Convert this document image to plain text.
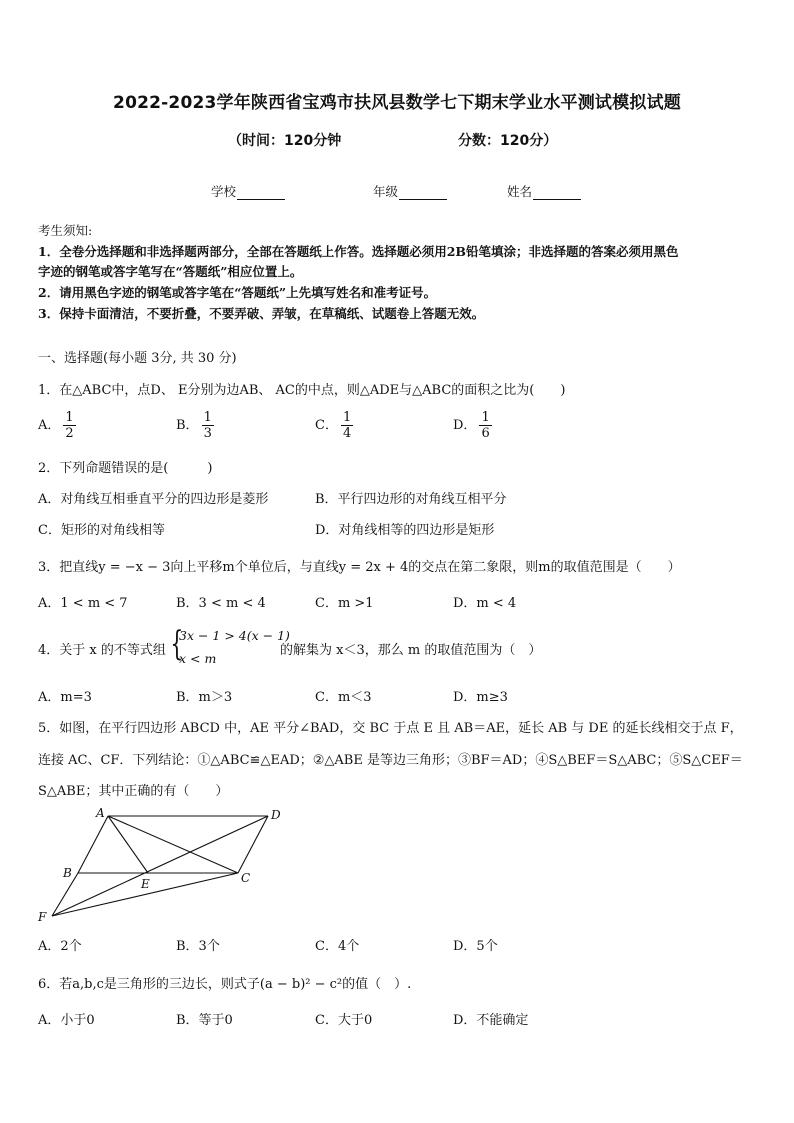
2022-2023学年陕西省宝鸡市扶风县数学七下期末学业水平测试模拟试题
（时间：120分钟	分数：120分）
学校	年级	姓名
考生须知:
1．全卷分选择题和非选择题两部分，全部在答题纸上作答。选择题必须用2B铅笔填涂；非选择题的答案必须用黑色
字迹的钢笔或答字笔写在“答题纸”相应位置上。
2．请用黑色字迹的钢笔或答字笔在“答题纸”上先填写姓名和准考证号。
3．保持卡面清洁，不要折叠，不要弄破、弄皱，在草稿纸、试题卷上答题无效。
一、选择题(每小题 3分, 共 30 分)
1．在△ABC中，点D、 E分别为边AB、 AC的中点，则△ADE与△ABC的面积之比为(　　)
A． $\frac{1}{2}$	B． $\frac{1}{3}$	C． $\frac{1}{4}$	D． $\frac{1}{6}$
2．下列命题错误的是(　　　)
A．对角线互相垂直平分的四边形是菱形	B．平行四边形的对角线互相平分
C．矩形的对角线相等	D．对角线相等的四边形是矩形
3．把直线y = −x − 3向上平移m个单位后，与直线y = 2x + 4的交点在第二象限，则m的取值范围是（　　）
A．1 < m < 7	B．3 < m < 4	C．m >1	D．m < 4
4．关于 x 的不等式组 {
3x − 1 > 4(x − 1)
x < m
的解集为 x＜3，那么 m 的取值范围为（　）
A．m=3	B．m＞3	C．m＜3	D．m≥3
5．如图，在平行四边形 ABCD 中，AE 平分∠BAD，交 BC 于点 E 且 AB＝AE，延长 AB 与 DE 的延长线相交于点 F，
连接 AC、CF．下列结论：①△ABC≌△EAD；②△ABE 是等边三角形；③BF＝AD；④S△BEF＝S△ABC；⑤S△CEF＝
S△ABE；其中正确的有（　　）
A	D
B
E	C
F
A．2个	B．3个	C．4个	D．5个
6．若a,b,c是三角形的三边长，则式子(a − b)² − c²的值（　）.
A．小于0	B．等于0	C．大于0	D．不能确定
